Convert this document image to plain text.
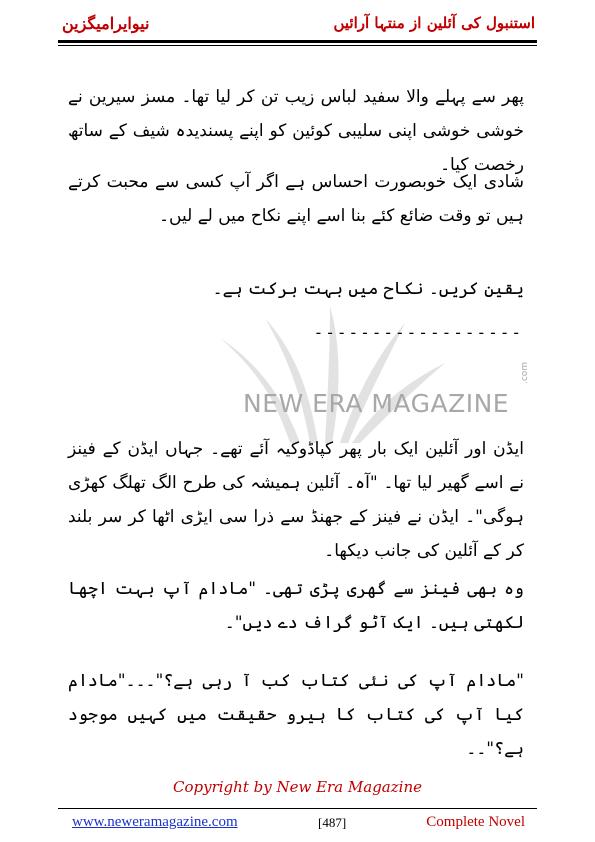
نیوایرامیگزین	استنبول کی آئلین از منتہا آرائیں
NEW ERA MAGAZINE
.com
پھر سے پہلے والا سفید لباس زیب تن کر لیا تھا۔ مسز سیرین نے خوشی خوشی اپنی سلیبی کوئین کو اپنے پسندیدہ شیف کے ساتھ رخصت کیا۔
شادی ایک خوبصورت احساس ہے اگر آپ کسی سے محبت کرتے ہیں تو وقت ضائع کئے بنا اسے اپنے نکاح میں لے لیں۔
یقین کریں۔ نکاح میں بہت برکت ہے۔
------------------
ایڈن اور آئلین ایک بار پھر کپاڈوکیہ آئے تھے۔ جہاں ایڈن کے فینز نے اسے گھیر لیا تھا۔ "آہ۔ آئلین ہمیشہ کی طرح الگ تھلگ کھڑی ہوگی"۔ ایڈن نے فینز کے جھنڈ سے ذرا سی ایڑی اٹھا کر سر بلند کر کے آئلین کی جانب دیکھا۔
وہ بھی فینز سے گھری پڑی تھی۔ "مادام آپ بہت اچھا لکھتی ہیں۔ ایک آٹو گراف دے دیں"۔
"مادام آپ کی نئی کتاب کب آ رہی ہے؟"۔۔۔"مادام کیا آپ کی کتاب کا ہیرو حقیقت میں کہیں موجود ہے؟"۔۔
Copyright by New Era Magazine
www.neweramagazine.com	[487]	Complete Novel
